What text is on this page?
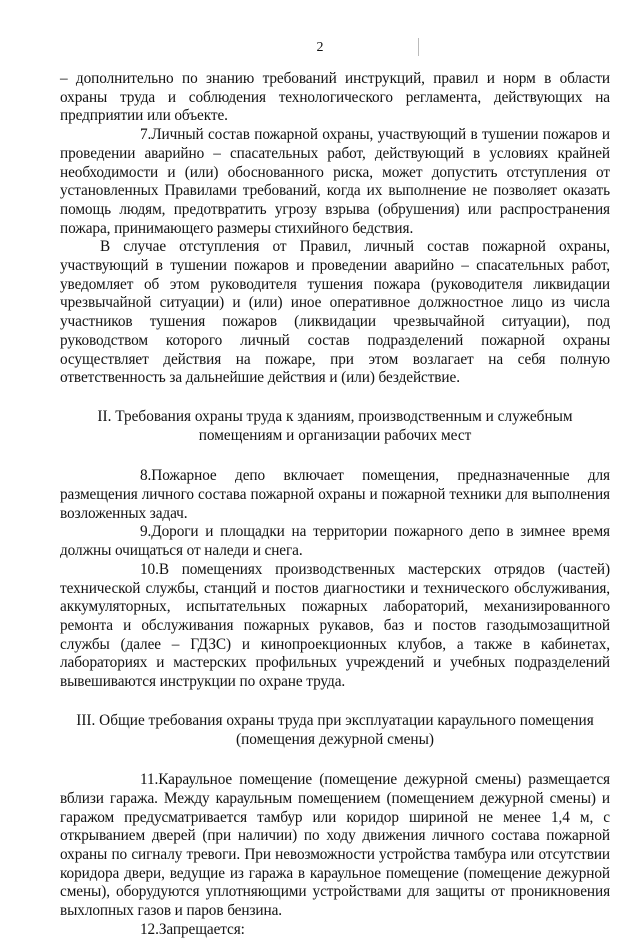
2

– дополнительно по знанию требований инструкций, правил и норм в области охраны труда и соблюдения технологического регламента, действующих на предприятии или объекте.

7.Личный состав пожарной охраны, участвующий в тушении пожаров и проведении аварийно – спасательных работ, действующий в условиях крайней необходимости и (или) обоснованного риска, может допустить отступления от установленных Правилами требований, когда их выполнение не позволяет оказать помощь людям, предотвратить угрозу взрыва (обрушения) или распространения пожара, принимающего размеры стихийного бедствия.

В случае отступления от Правил, личный состав пожарной охраны, участвующий в тушении пожаров и проведении аварийно – спасательных работ, уведомляет об этом руководителя тушения пожара (руководителя ликвидации чрезвычайной ситуации) и (или) иное оперативное должностное лицо из числа участников тушения пожаров (ликвидации чрезвычайной ситуации), под руководством которого личный состав подразделений пожарной охраны осуществляет действия на пожаре, при этом возлагает на себя полную ответственность за дальнейшие действия и (или) бездействие.

II. Требования охраны труда к зданиям, производственным и служебным
помещениям и организации рабочих мест

8.Пожарное депо включает помещения, предназначенные для размещения личного состава пожарной охраны и пожарной техники для выполнения возложенных задач.

9.Дороги и площадки на территории пожарного депо в зимнее время должны очищаться от наледи и снега.

10.В помещениях производственных мастерских отрядов (частей) технической службы, станций и постов диагностики и технического обслуживания, аккумуляторных, испытательных пожарных лабораторий, механизированного ремонта и обслуживания пожарных рукавов, баз и постов газодымозащитной службы (далее – ГДЗС) и кинопроекционных клубов, а также в кабинетах, лабораториях и мастерских профильных учреждений и учебных подразделений вывешиваются инструкции по охране труда.

III. Общие требования охраны труда при эксплуатации караульного помещения
(помещения дежурной смены)

11.Караульное помещение (помещение дежурной смены) размещается вблизи гаража. Между караульным помещением (помещением дежурной смены) и гаражом предусматривается тамбур или коридор шириной не менее 1,4 м, с открыванием дверей (при наличии) по ходу движения личного состава пожарной охраны по сигналу тревоги. При невозможности устройства тамбура или отсутствии коридора двери, ведущие из гаража в караульное помещение (помещение дежурной смены), оборудуются уплотняющими устройствами для защиты от проникновения выхлопных газов и паров бензина.

12.Запрещается:
